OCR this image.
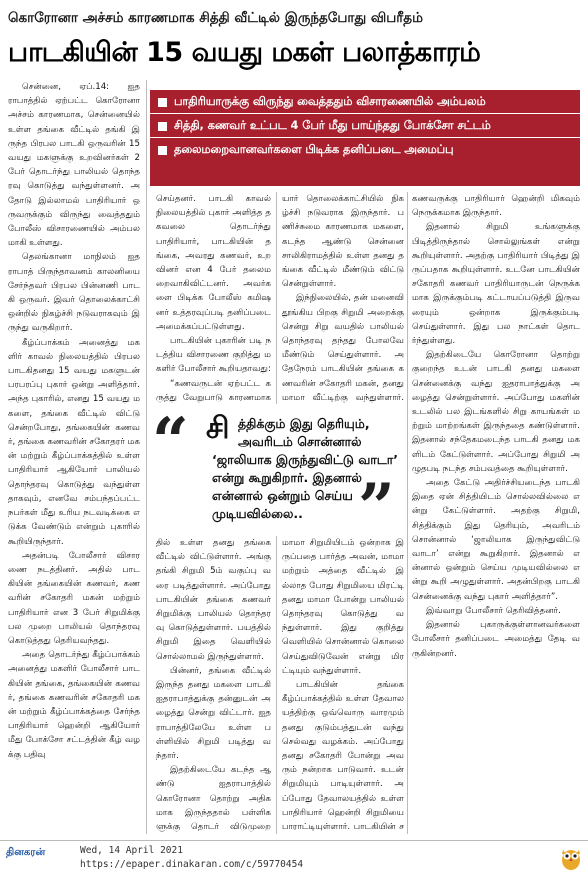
கொரோனா அச்சம் காரணமாக சித்தி வீட்டில் இருந்தபோது விபரீதம்
பாடகியின் 15 வயது மகள் பலாத்காரம்

சென்னை, ஏப்.14: ஐதராபாத்தில் ஏற்பட்ட கொரோனா அச்சம் காரணமாக, சென்னையில் உள்ள தங்கை வீட்டில் தங்கி இருந்த பிரபல பாடகி ஒருவரின் 15 வயது மகளுக்கு உறவினர்கள் 2 பேர் தொடர்ந்து பாலியல் தொந்தரவு கொடுத்து வந்துள்ளனர். அதோடு இல்லாமல் பாதிரியார் ஒருவருக்கும் விருந்து வைத்ததும் போலீஸ் விசாரணையில் அம்பலமாகி உள்ளது.

தெலங்கானா மாநிலம் ஐதராபாத் பிருந்தாவனம் காலனியை சேர்ந்தவர் பிரபல பின்னணி பாடகி ஒருவர். இவர் தொலைக்காட்சி ஒன்றில் நிகழ்ச்சி நடுவராகவும் இருந்து வருகிறார்.

கீழ்ப்பாக்கம் அனைத்து மகளிர் காவல் நிலையத்தில் பிரபல பாடகிதனது 15 வயது மகளுடன் பரபரப்பு புகார் ஒன்று அளித்தார். அந்த புகாரில், எனது 15 வயது மகளை, தங்கை வீட்டில் விட்டு சென்றபோது, தங்கையின் கணவர், தங்கை கணவரின் சகோதரர் மகன் மற்றும் கீழ்ப்பாக்கத்தில் உள்ள பாதிரியார் ஆகியோர் பாலியல் தொந்தரவு கொடுத்து வந்துள்ளதாகவும், எனவே சம்பந்தப்பட்ட நபர்கள் மீது உரிய நடவடிக்கை எடுக்க வேண்டும் என்றும் புகாரில் கூறியிருந்தார்.

அதன்படி போலீசார் விசாரணை நடத்தினர். அதில் பாடகியின் தங்கையின் கணவர், கணவரின் சகோதரி மகன் மற்றும் பாதிரியார் என 3 பேர் சிறுமிக்கு பல முறை பாலியல் தொந்தரவு கொடுத்தது தெரியவந்தது.

அதை தொடர்ந்து கீழ்ப்பாக்கம் அனைத்து மகளிர் போலீசார் பாடகியின் தங்கை, தங்கையின் கணவர், தங்கை கணவரின் சகோதரி மகன் மற்றும் கீழ்ப்பாக்கத்தை சேர்ந்த பாதிரியார் ஹென்றி ஆகியோர் மீது போக்சோ சட்டத்தின் கீழ் வழக்கு பதிவு

பாதிரியாருக்கு விருந்து வைத்ததும் விசாரணையில் அம்பலம்
சித்தி, கணவர் உட்பட 4 பேர் மீது பாய்ந்தது போக்சோ சட்டம்
தலைமறைவானவர்களை பிடிக்க தனிப்படை அமைப்பு

செய்தனர். பாடகி காவல் நிலையத்தில் புகார் அளித்த தகவலை தொடர்ந்து பாதிரியார், பாடகியின் தங்கை, அவரது கணவர், உறவினர் என 4 பேர் தலைமறைவாகிவிட்டனர். அவர்களை பிடிக்க போலீஸ் கமிஷனர் உத்தரவுப்படி தனிப்படை அமைக்கப்பட்டுள்ளது.

பாடகியின் புகாரின் படி நடத்திய விசாரணை குறித்து மகளிர் போலீசார் கூறியதாவது:

“கணவருடன் ஏற்பட்ட கருத்து வேறுபாடு காரணமாக

யார் தொலைக்காட்சியில் நிகழ்ச்சி நடுவராக இருந்தார். பணிச்சுமை காரணமாக மகளை, கடந்த ஆண்டு சென்னை சாலிகிராமத்தில் உள்ள தனது தங்கை வீட்டில் மீண்டும் விட்டு சென்றுள்ளார்.

இந்நிலையில், தன் மனைவி தூங்கிய பிறகு சிறுமி அறைக்கு சென்று சிறு வயதில் பாலியல் தொந்தரவு தந்தது போலவே மீண்டும் செய்துள்ளார். அதேநேரம் பாடகியின் தங்கை கணவரின் சகோதரி மகன், தனது மாமா வீட்டிற்கு வந்துள்ளார்.

கணவருக்கு பாதிரியார் ஹென்றி மிகவும் நெருக்கமாக இருந்தார்.

இதனால் சிறுமி உங்களுக்கு பிடித்திருந்தால் சொல்லுங்கள் என்று கூறியுள்ளார். அதற்கு பாதிரியார் பிடித்து இருப்பதாக கூறியுள்ளார். உடனே பாடகியின் சகோதரி கணவர் பாதிரியாருடன் நெருக்கமாக இருக்கும்படி கட்டாயப்படுத்தி இருவரையும் ஒன்றாக இருக்கும்படி செய்துள்ளார். இது பல நாட்கள் தொடர்ந்துள்ளது.

இதற்கிடையே கொரோனா தொற்று குறைந்த உடன் பாடகி தனது மகளை சென்னைக்கு வந்து ஐதராபாத்துக்கு அழைத்து சென்றுள்ளார். அப்போது மகளின் உடலில் பல இடங்களில் சிறு காயங்கள் மற்றும் மாற்றங்கள் இருந்ததை கண்டுள்ளார். இதனால் சந்தேகமடைந்த பாடகி தனது மகளிடம் கேட்டுள்ளார். அப்போது சிறுமி அழுதபடி நடந்த சம்பவத்தை கூறியுள்ளார்.

அதை கேட்டு அதிர்ச்சியடைந்த பாடகி இதை ஏன் சித்தியிடம் சொல்லவில்லை என்று கேட்டுள்ளார். அதற்கு சிறுமி, சித்திக்கும் இது தெரியும், அவரிடம் சொன்னால் ‘ஜாலியாக இருந்துவிட்டு வாடா’ என்று கூறுகிறார். இதனால் என்னால் ஒன்றும் செய்ய முடியவில்லை என்று கூறி அழுதுள்ளார். அதன்பிறகு பாடகி சென்னைக்கு வந்து புகார் அளித்தார்”.

இவ்வாறு போலீசார் தெரிவித்தனர்.

இதனால் புகாருக்குள்ளானவர்களை போலீசார் தனிப்படை அமைத்து தேடி வருகின்றனர்.

“ சி த்திக்கும் இது தெரியும்,
அவரிடம் சொன்னால்
‘ஜாலியாக இருந்துவிட்டு வாடா’
என்று கூறுகிறார். இதனால்
என்னால் ஒன்றும் செய்ய
முடியவில்லை.. ”

தில் உள்ள தனது தங்கை வீட்டில் விட்டுள்ளார். அங்கு தங்கி சிறுமி 5ம் வகுப்பு வரை படித்துள்ளார். அப்போது பாடகியின் தங்கை கணவர் சிறுமிக்கு பாலியல் தொந்தரவு கொடுத்துள்ளார். பயத்தில் சிறுமி இதை வெளியில் சொல்லாமல் இருந்துள்ளார்.

பின்னர், தங்கை வீட்டில் இருந்த தனது மகளை பாடகி ஐதராபாத்துக்கு தன்னுடன் அழைத்து சென்று விட்டார். ஐதராபாத்திலேயே உள்ள பள்ளியில் சிறுமி படித்து வந்தார்.

இதற்கிடையே கடந்த ஆண்டு ஐதராபாத்தில் கொரோனா தொற்று அதிகமாக இருந்ததால் பள்ளிகளுக்கு தொடர் விடுமுறை

மாமா சிறுமியிடம் ஒன்றாக இருப்பதை பார்த்த அவன், மாமா மற்றும் அத்தை வீட்டில் இல்லாத போது சிறுமியை மிரட்டி தனது மாமா போன்று பாலியல் தொந்தரவு கொடுத்து வந்துள்ளார். இது குறித்து வெளியில் சொன்னால் கொலை செய்துவிடுவேன் என்று மிரட்டியும் வந்துள்ளார்.

பாடகியின் தங்கை கீழ்ப்பாக்கத்தில் உள்ள தேவாலயத்திற்கு ஒவ்வொரு வாரமும் தனது குடும்பத்துடன் வந்து செல்வது வழக்கம். அப்போது தனது சகோதரி போன்று அவரும் நன்றாக பாடுவார். உடன் சிறுமியும் பாடியுள்ளார். அப்போது தேவாலயத்தில் உள்ள பாதிரியார் ஹென்றி சிறுமியை பாராட்டியுள்ளார். பாடகியின் ச

தினகரன்	Wed, 14 April 2021
https://epaper.dinakaran.com/c/59770454
